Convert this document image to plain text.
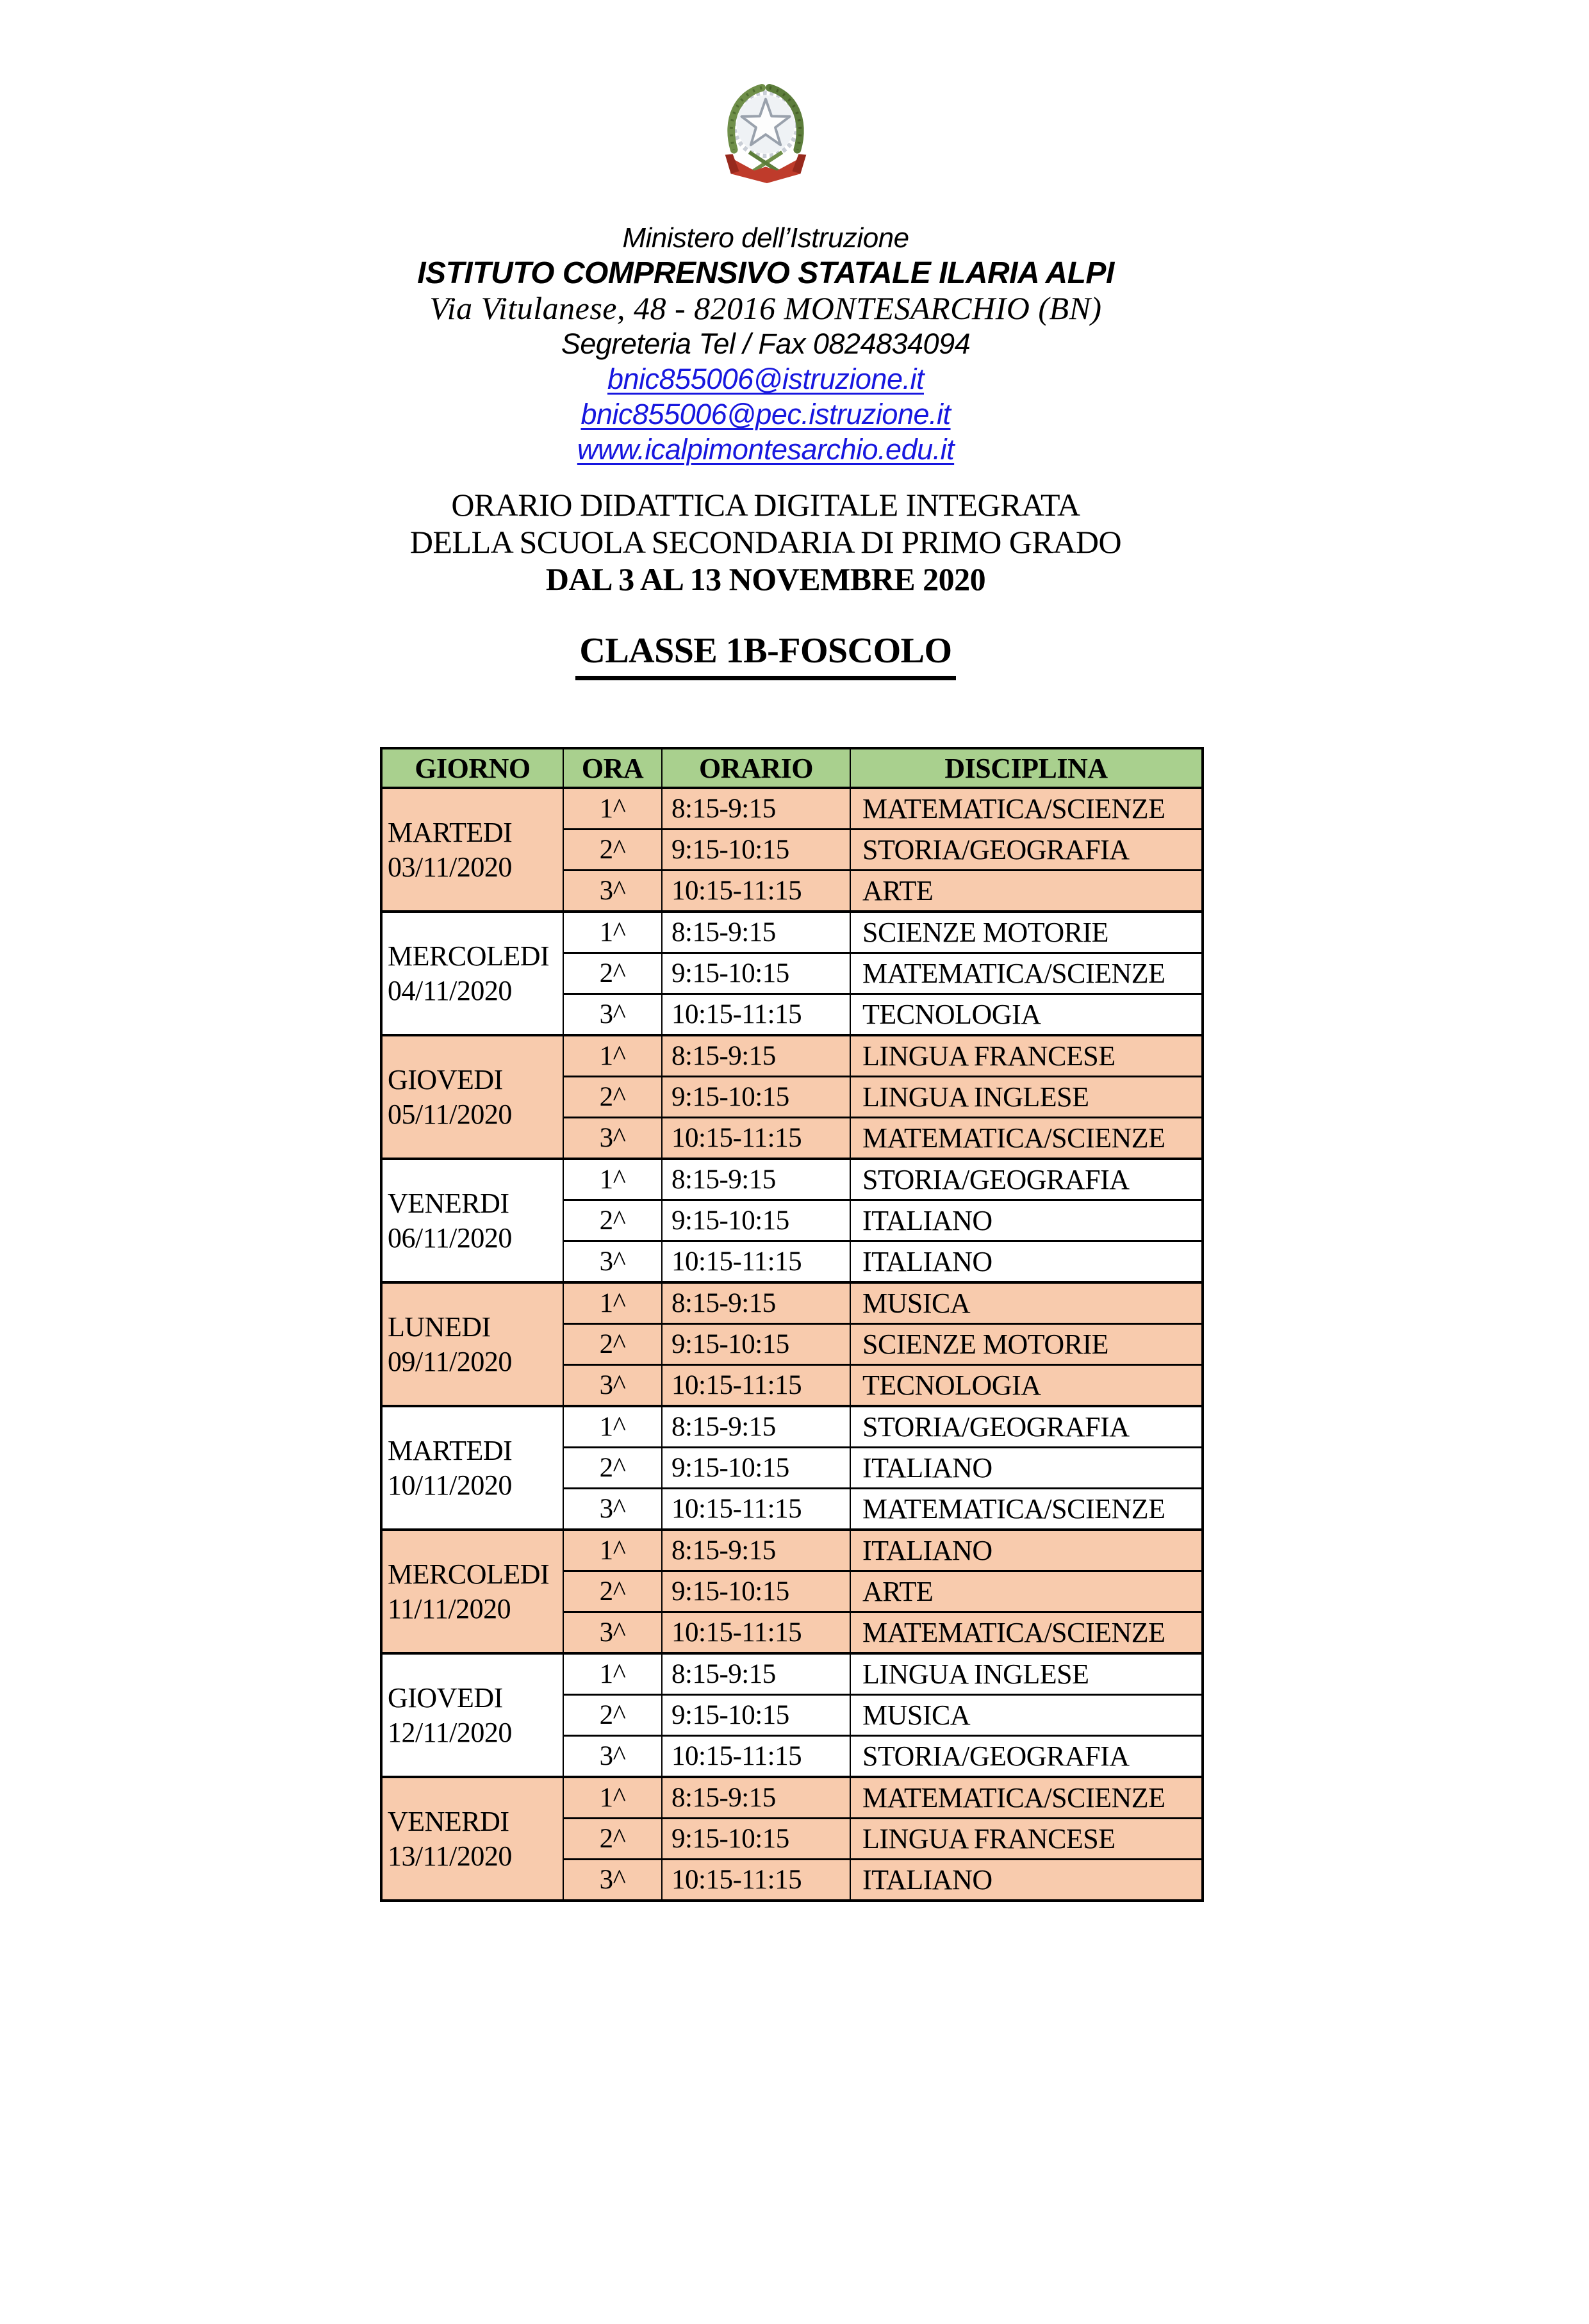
Ministero dell’Istruzione
ISTITUTO COMPRENSIVO STATALE ILARIA ALPI
Via Vitulanese, 48 - 82016 MONTESARCHIO (BN)
Segreteria Tel / Fax 0824834094
bnic855006@istruzione.it
bnic855006@pec.istruzione.it
www.icalpimontesarchio.edu.it
ORARIO DIDATTICA DIGITALE INTEGRATA
DELLA SCUOLA SECONDARIA DI PRIMO GRADO
DAL 3 AL 13 NOVEMBRE 2020
CLASSE 1B-FOSCOLO
GIORNO	ORA	ORARIO	DISCIPLINA

MARTEDI
03/11/2020	1^	8:15-9:15	MATEMATICA/SCIENZE
	2^	9:15-10:15	STORIA/GEOGRAFIA
	3^	10:15-11:15	ARTE

MERCOLEDI
04/11/2020	1^	8:15-9:15	SCIENZE MOTORIE
	2^	9:15-10:15	MATEMATICA/SCIENZE
	3^	10:15-11:15	TECNOLOGIA

GIOVEDI
05/11/2020	1^	8:15-9:15	LINGUA FRANCESE
	2^	9:15-10:15	LINGUA INGLESE
	3^	10:15-11:15	MATEMATICA/SCIENZE

VENERDI
06/11/2020	1^	8:15-9:15	STORIA/GEOGRAFIA
	2^	9:15-10:15	ITALIANO
	3^	10:15-11:15	ITALIANO

LUNEDI
09/11/2020	1^	8:15-9:15	MUSICA
	2^	9:15-10:15	SCIENZE MOTORIE
	3^	10:15-11:15	TECNOLOGIA

MARTEDI
10/11/2020	1^	8:15-9:15	STORIA/GEOGRAFIA
	2^	9:15-10:15	ITALIANO
	3^	10:15-11:15	MATEMATICA/SCIENZE

MERCOLEDI
11/11/2020	1^	8:15-9:15	ITALIANO
	2^	9:15-10:15	ARTE
	3^	10:15-11:15	MATEMATICA/SCIENZE

GIOVEDI
12/11/2020	1^	8:15-9:15	LINGUA INGLESE
	2^	9:15-10:15	MUSICA
	3^	10:15-11:15	STORIA/GEOGRAFIA

VENERDI
13/11/2020	1^	8:15-9:15	MATEMATICA/SCIENZE
	2^	9:15-10:15	LINGUA FRANCESE
	3^	10:15-11:15	ITALIANO
